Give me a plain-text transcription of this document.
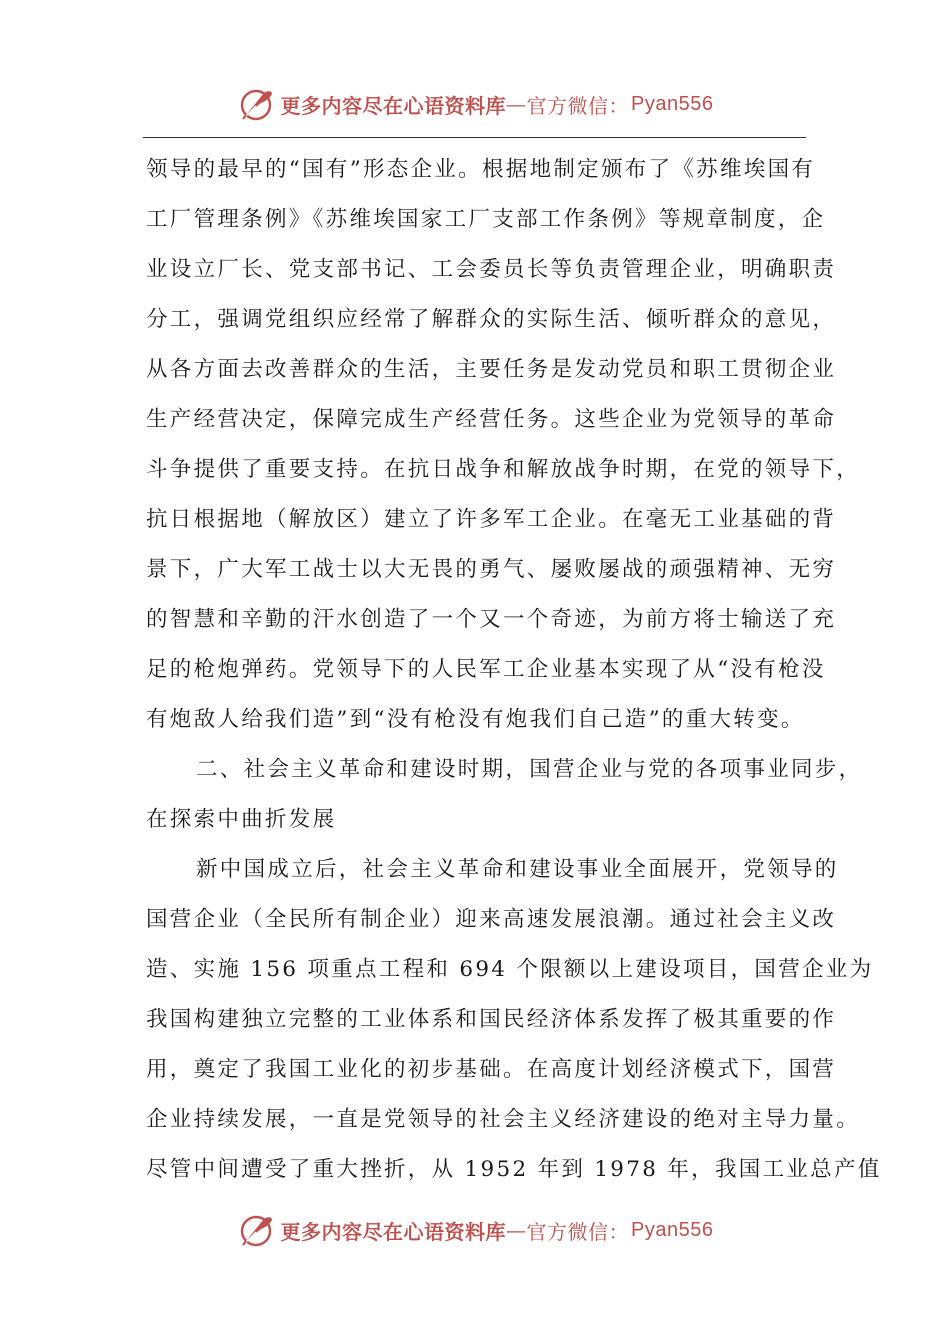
更多内容尽在心语资料库 — 官方微信： Pyan556
领导的最早的“国有”形态企业。根据地制定颁布了《苏维埃国有
工厂管理条例》《苏维埃国家工厂支部工作条例》等规章制度，企
业设立厂长、党支部书记、工会委员长等负责管理企业，明确职责
分工，强调党组织应经常了解群众的实际生活、倾听群众的意见，
从各方面去改善群众的生活，主要任务是发动党员和职工贯彻企业
生产经营决定，保障完成生产经营任务。这些企业为党领导的革命
斗争提供了重要支持。在抗日战争和解放战争时期，在党的领导下，
抗日根据地（解放区）建立了许多军工企业。在毫无工业基础的背
景下，广大军工战士以大无畏的勇气、屡败屡战的顽强精神、无穷
的智慧和辛勤的汗水创造了一个又一个奇迹，为前方将士输送了充
足的枪炮弹药。党领导下的人民军工企业基本实现了从“没有枪没
有炮敌人给我们造”到“没有枪没有炮我们自己造”的重大转变。
二、社会主义革命和建设时期，国营企业与党的各项事业同步，
在探索中曲折发展
新中国成立后，社会主义革命和建设事业全面展开，党领导的
国营企业（全民所有制企业）迎来高速发展浪潮。通过社会主义改
造、实施 156 项重点工程和 694 个限额以上建设项目，国营企业为
我国构建独立完整的工业体系和国民经济体系发挥了极其重要的作
用，奠定了我国工业化的初步基础。在高度计划经济模式下，国营
企业持续发展，一直是党领导的社会主义经济建设的绝对主导力量。
尽管中间遭受了重大挫折，从 1952 年到 1978 年，我国工业总产值
更多内容尽在心语资料库 — 官方微信： Pyan556
